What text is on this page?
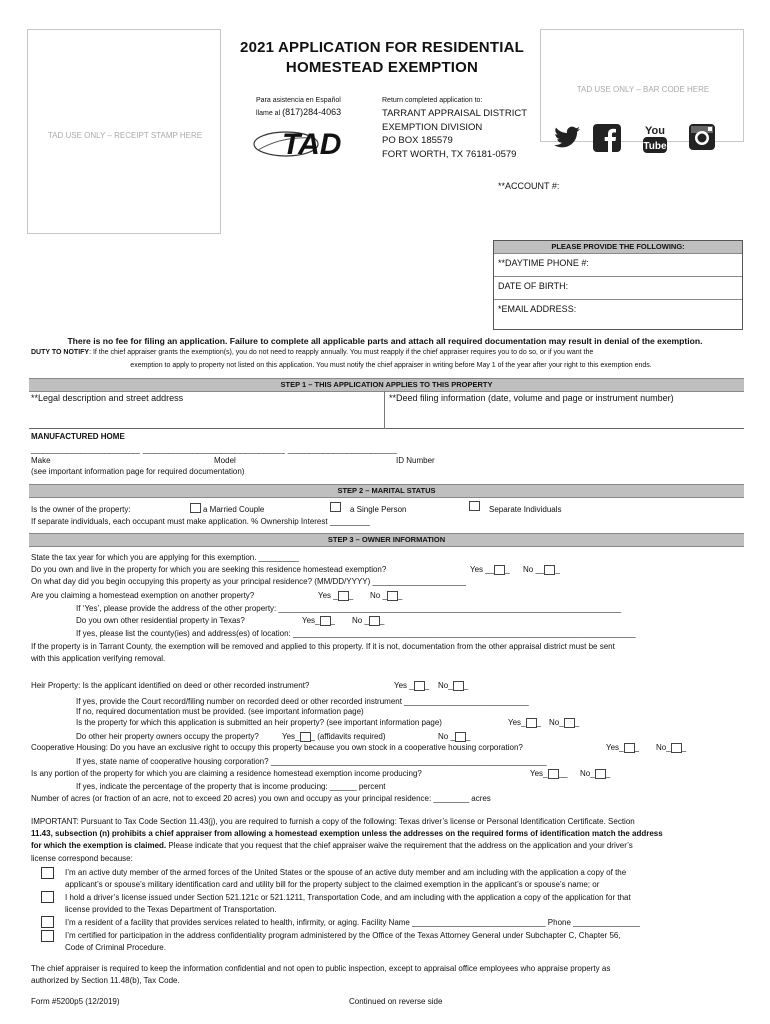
TAD USE ONLY – RECEIPT STAMP HERE
TAD USE ONLY – BAR CODE HERE
2021 APPLICATION FOR RESIDENTIAL
HOMESTEAD EXEMPTION
Para asistencia en Español
llame al (817)284-4063
Return completed application to:
TARRANT APPRAISAL DISTRICT
EXEMPTION DIVISION
PO BOX 185579
FORT WORTH, TX 76181-0579
TAD	You
Tube
**ACCOUNT #:
PLEASE PROVIDE THE FOLLOWING:
**DAYTIME PHONE #:
DATE OF BIRTH:
*EMAIL ADDRESS:
There is no fee for filing an application. Failure to complete all applicable parts and attach all required documentation may result in denial of the exemption.
DUTY TO NOTIFY: If the chief appraiser grants the exemption(s), you do not need to reapply annually. You must reapply if the chief appraiser requires you to do so, or if you want the
exemption to apply to property not listed on this application. You must notify the chief appraiser in writing before May 1 of the year after your right to this exemption ends.
STEP 1 – THIS APPLICATION APPLIES TO THIS PROPERTY
**Legal description and street address	**Deed filing information (date, volume and page or instrument number)
MANUFACTURED HOME
_______________________ ______________________________ _______________________
Make	Model	ID Number
(see important information page for required documentation)
STEP 2 – MARITAL STATUS
Is the owner of the property:	a Married Couple	a Single Person	Separate Individuals
If separate individuals, each occupant must make application. % Ownership Interest _________
STEP 3 – OWNER INFORMATION
State the tax year for which you are applying for this exemption. _________
Do you own and live in the property for which you are seeking this residence homestead exemption?	Yes __ _ No __ _
On what day did you begin occupying this property as your principal residence? (MM/DD/YYYY) _____________________
Are you claiming a homestead exemption on another property?	Yes _ _ No _ _
If ‘Yes’, please provide the address of the other property: _____________________________________________________________________________
Do you own other residential property in Texas?	Yes_ _ No _ _
If yes, please list the county(ies) and address(es) of location: _____________________________________________________________________________
If the property is in Tarrant County, the exemption will be removed and applied to this property. If it is not, documentation from the other appraisal district must be sent
with this application verifying removal.
Heir Property: Is the applicant identified on deed or other recorded instrument?	Yes _ _ No_ _
If yes, provide the Court record/filing number on recorded deed or other recorded instrument ____________________________
If no, required documentation must be provided. (see important information page)
Is the property for which this application is submitted an heir property? (see important information page)	Yes_ _ No_ _
Do other heir property owners occupy the property?	Yes_ _ (affidavits required)	No _ _
Cooperative Housing: Do you have an exclusive right to occupy this property because you own stock in a cooperative housing corporation?	Yes_ _ No_ _
If yes, state name of cooperative housing corporation? ______________________________________________________________
Is any portion of the property for which you are claiming a residence homestead exemption income producing?	Yes_ __ No_ _
If yes, indicate the percentage of the property that is income producing: ______ percent
Number of acres (or fraction of an acre, not to exceed 20 acres) you own and occupy as your principal residence: ________ acres
IMPORTANT: Pursuant to Tax Code Section 11.43(j), you are required to furnish a copy of the following: Texas driver’s license or Personal Identification Certificate. Section
11.43, subsection (n) prohibits a chief appraiser from allowing a homestead exemption unless the addresses on the required forms of identification match the address
for which the exemption is claimed. Please indicate that you request that the chief appraiser waive the requirement that the address on the application and your driver’s
license correspond because:
I’m an active duty member of the armed forces of the United States or the spouse of an active duty member and am including with the application a copy of the
applicant’s or spouse’s military identification card and utility bill for the property subject to the claimed exemption in the applicant’s or spouse’s name; or
I hold a driver’s license issued under Section 521.121c or 521.1211, Transportation Code, and am including with the application a copy of the application for that
license provided to the Texas Department of Transportation.
I’m a resident of a facility that provides services related to health, infirmity, or aging. Facility Name ______________________________ Phone _______________
I’m certified for participation in the address confidentiality program administered by the Office of the Texas Attorney General under Subchapter C, Chapter 56,
Code of Criminal Procedure.
The chief appraiser is required to keep the information confidential and not open to public inspection, except to appraisal office employees who appraise property as
authorized by Section 11.48(b), Tax Code.
Form #5200p5 (12/2019)	Continued on reverse side
